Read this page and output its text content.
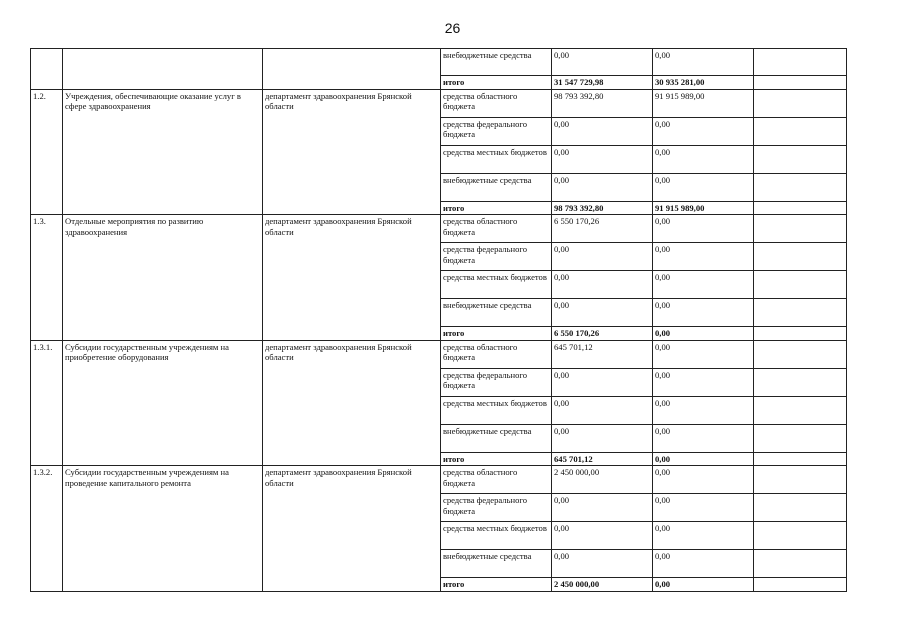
26
			внебюджетные средства	0,00	0,00	
			итого	31 547 729,98	30 935 281,00	
1.2.	Учреждения, обеспечивающие оказание услуг в сфере здравоохранения	департамент здравоохранения Брянской области	средства областного бюджета	98 793 392,80	91 915 989,00	
			средства федерального бюджета	0,00	0,00	
			средства местных бюджетов	0,00	0,00	
			внебюджетные средства	0,00	0,00	
			итого	98 793 392,80	91 915 989,00	
1.3.	Отдельные мероприятия по развитию здравоохранения	департамент здравоохранения Брянской области	средства областного бюджета	6 550 170,26	0,00	
			средства федерального бюджета	0,00	0,00	
			средства местных бюджетов	0,00	0,00	
			внебюджетные средства	0,00	0,00	
			итого	6 550 170,26	0,00	
1.3.1.	Субсидии государственным учреждениям на приобретение оборудования	департамент здравоохранения Брянской области	средства областного бюджета	645 701,12	0,00	
			средства федерального бюджета	0,00	0,00	
			средства местных бюджетов	0,00	0,00	
			внебюджетные средства	0,00	0,00	
			итого	645 701,12	0,00	
1.3.2.	Субсидии государственным учреждениям на проведение капитального ремонта	департамент здравоохранения Брянской области	средства областного бюджета	2 450 000,00	0,00	
			средства федерального бюджета	0,00	0,00	
			средства местных бюджетов	0,00	0,00	
			внебюджетные средства	0,00	0,00	
			итого	2 450 000,00	0,00	
